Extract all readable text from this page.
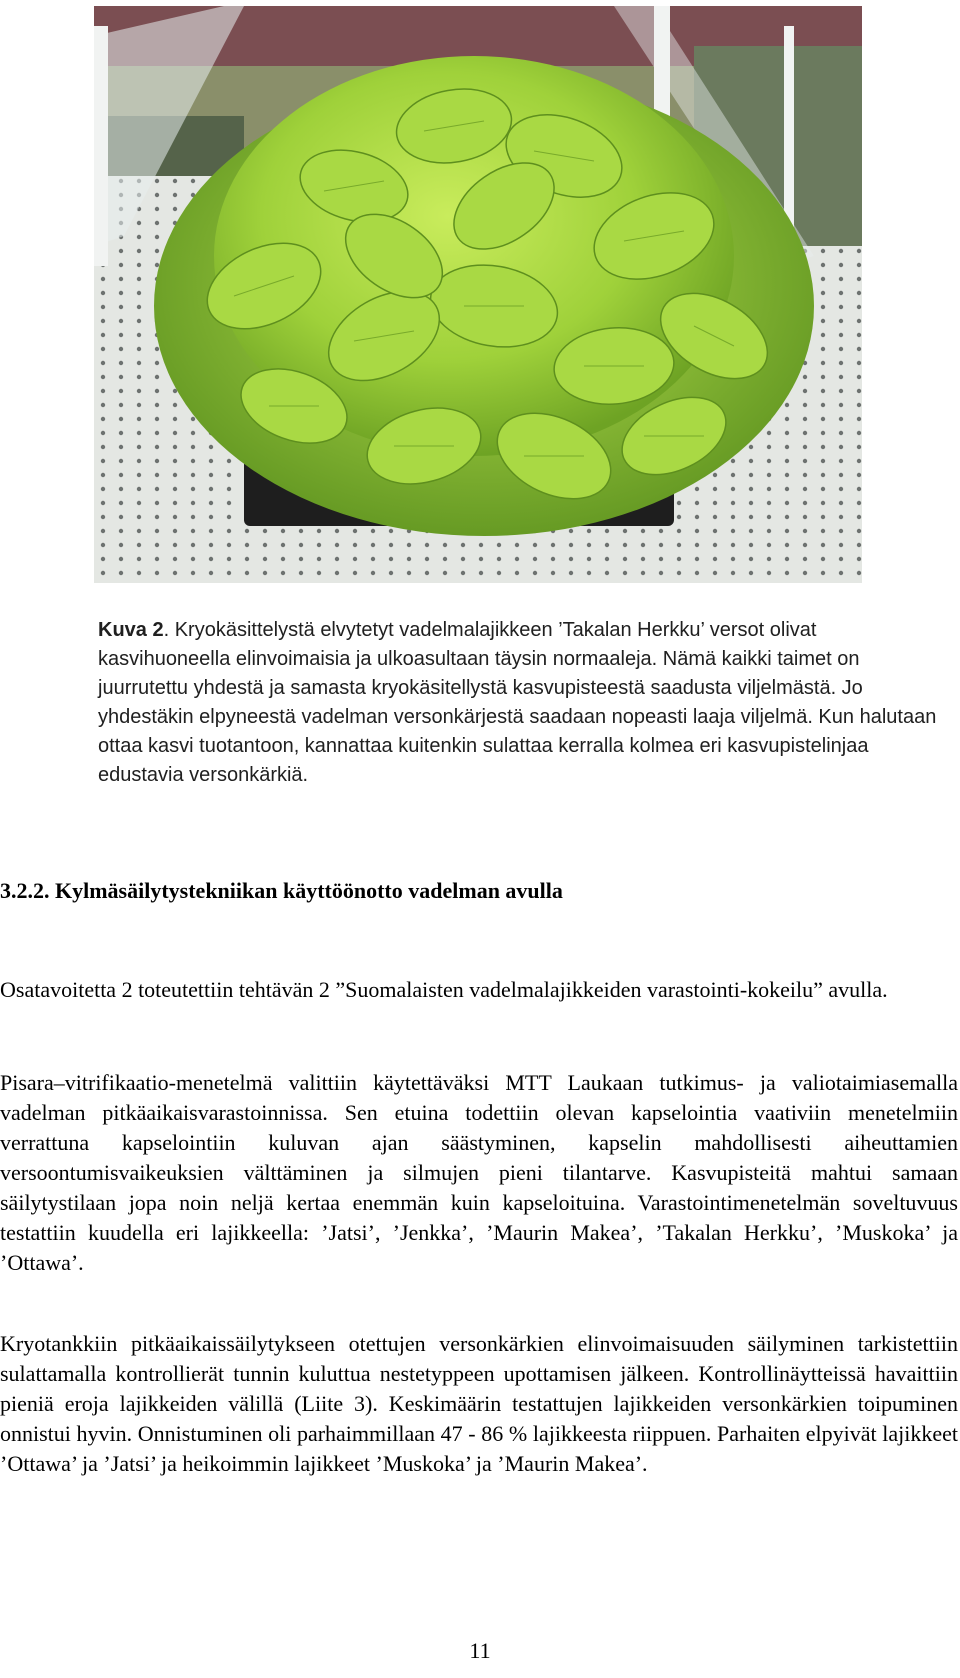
Kuva 2. Kryokäsittelystä elvytetyt vadelmalajikkeen ’Takalan Herkku’ versot olivat kasvihuoneella elinvoimaisia ja ulkoasultaan täysin normaaleja. Nämä kaikki taimet on juurrutettu yhdestä ja samasta kryokäsitellystä kasvupisteestä saadusta viljelmästä. Jo yhdestäkin elpyneestä vadelman versonkärjestä saadaan nopeasti laaja viljelmä. Kun halutaan ottaa kasvi tuotantoon, kannattaa kuitenkin sulattaa kerralla kolmea eri kasvupistelinjaa edustavia versonkärkiä.
3.2.2. Kylmäsäilytystekniikan käyttöönotto vadelman avulla
Osatavoitetta 2 toteutettiin tehtävän 2 ”Suomalaisten vadelmalajikkeiden varastointi-kokeilu” avulla.
Pisara–vitrifikaatio-menetelmä valittiin käytettäväksi MTT Laukaan tutkimus- ja valiotaimiasemalla vadelman pitkäaikaisvarastoinnissa. Sen etuina todettiin olevan kapselointia vaativiin menetelmiin verrattuna kapselointiin kuluvan ajan säästyminen, kapselin mahdollisesti aiheuttamien versoontumisvaikeuksien välttäminen ja silmujen pieni tilantarve. Kasvupisteitä mahtui samaan säilytystilaan jopa noin neljä kertaa enemmän kuin kapseloituina. Varastointimenetelmän soveltuvuus testattiin kuudella eri lajikkeella: ’Jatsi’, ’Jenkka’, ’Maurin Makea’, ’Takalan Herkku’, ’Muskoka’ ja ’Ottawa’.
Kryotankkiin pitkäaikaissäilytykseen otettujen versonkärkien elinvoimaisuuden säilyminen tarkistettiin sulattamalla kontrollierät tunnin kuluttua nestetyppeen upottamisen jälkeen. Kontrollinäytteissä havaittiin pieniä eroja lajikkeiden välillä (Liite 3). Keskimäärin testattujen lajikkeiden versonkärkien toipuminen onnistui hyvin. Onnistuminen oli parhaimmillaan 47 - 86 % lajikkeesta riippuen. Parhaiten elpyivät lajikkeet ’Ottawa’ ja ’Jatsi’ ja heikoimmin lajikkeet ’Muskoka’ ja ’Maurin Makea’.
11
